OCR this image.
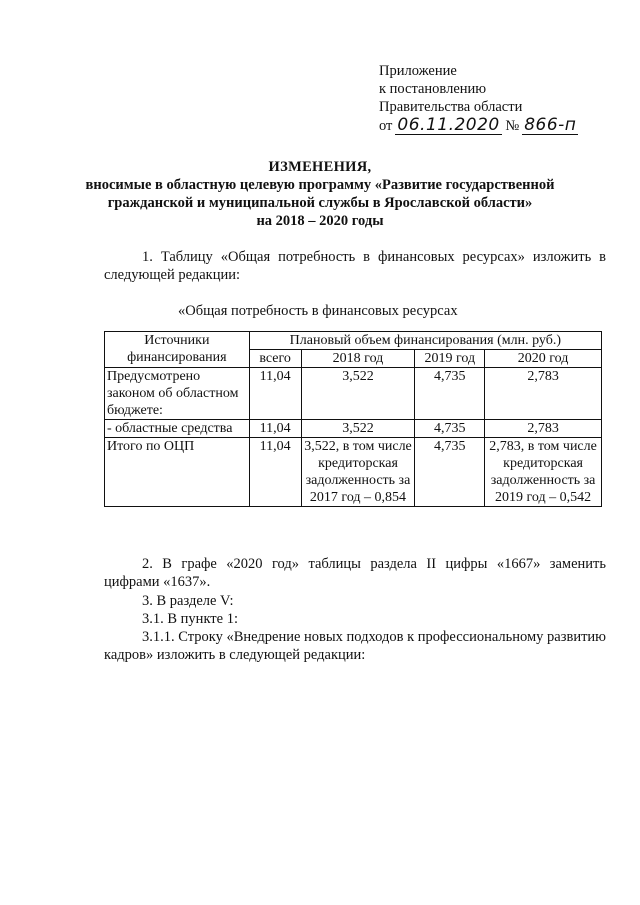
Приложение
к постановлению
Правительства области
от 06.11.2020 № 866-п
ИЗМЕНЕНИЯ,
вносимые в областную целевую программу «Развитие государственной
гражданской и муниципальной службы в Ярославской области»
на 2018 – 2020 годы
1. Таблицу «Общая потребность в финансовых ресурсах» изложить в следующей редакции:
«Общая потребность в финансовых ресурсах
Источники финансирования	Плановый объем финансирования (млн. руб.)			
	всего	2018 год	2019 год	2020 год
Предусмотрено законом об областном бюджете:	11,04	3,522	4,735	2,783
- областные средства	11,04	3,522	4,735	2,783
Итого по ОЦП	11,04	3,522, в том числе кредиторская задолженность за 2017 год – 0,854	4,735	2,783, в том числе кредиторская задолженность за 2019 год – 0,542
2. В графе «2020 год» таблицы раздела II цифры «1667» заменить цифрами «1637».
3. В разделе V:
3.1. В пункте 1:
3.1.1. Строку «Внедрение новых подходов к профессиональному развитию кадров» изложить в следующей редакции:
